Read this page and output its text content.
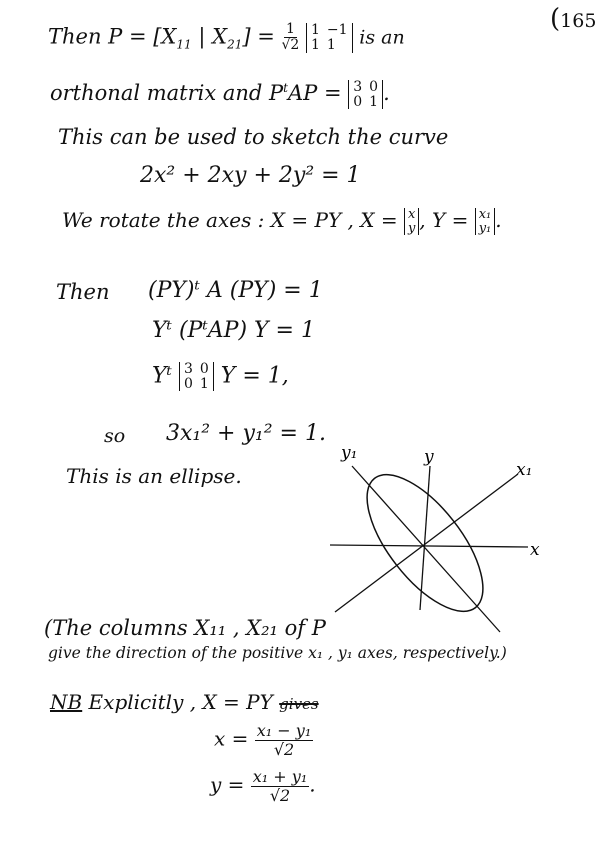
(165
Then $P = [X_{11}$ | $X_{21}] = \frac{1}{√2}$
1 −1
1 1	is an
orthonal matrix and $P^tAP = 3$ 0
0 1 .
This can be used to sketch the curve
2x² + 2xy + 2y² = 1
We rotate the axes : X = PY , X = x
y , Y = x₁
y₁ .
Then (PY)ᵗ A (PY) = 1
Yᵗ (PᵗAP) Y = 1
Yᵗ 3 0
0 1 Y = 1,
so 3x₁² + y₁² = 1.
This is an ellipse.
y₁	y
x₁
x
(The columns X₁₁ , X₂₁ of P
give the direction of the positive x₁ , y₁ axes, respectively.)
NB Explicitly , X = PY gives
$x = \frac{\text{x₁ − y₁}}{√2}$
$y = \frac{\text{x₁ + y₁}}{√2}$ .
